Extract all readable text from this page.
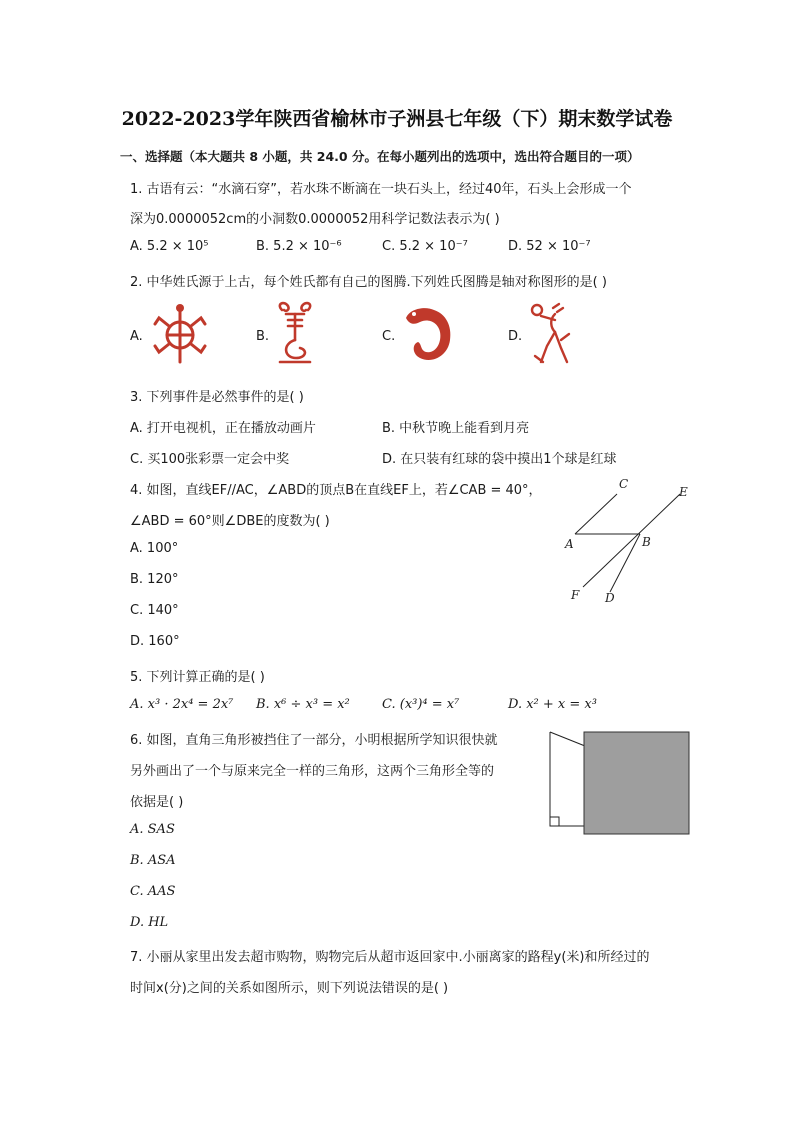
2022-2023学年陕西省榆林市子洲县七年级（下）期末数学试卷
一、选择题（本大题共 8 小题，共 24.0 分。在每小题列出的选项中，选出符合题目的一项）
1. 古语有云：“水滴石穿”，若水珠不断滴在一块石头上，经过40年，石头上会形成一个
深为0.0000052cm的小洞数0.0000052用科学记数法表示为( )
A. 5.2 × 10⁵	B. 5.2 × 10⁻⁶	C. 5.2 × 10⁻⁷	D. 52 × 10⁻⁷
2. 中华姓氏源于上古，每个姓氏都有自己的图腾.下列姓氏图腾是轴对称图形的是( )
A.	B.	C.	D.
3. 下列事件是必然事件的是( )
A. 打开电视机，正在播放动画片	B. 中秋节晚上能看到月亮
C. 买100张彩票一定会中奖	D. 在只装有红球的袋中摸出1个球是红球
4. 如图，直线EF//AC，∠ABD的顶点B在直线EF上，若∠CAB = 40°，
∠ABD = 60°则∠DBE的度数为( )
A. 100°
B. 120°
C. 140°
D. 160°
C
E
A	B
F D
5. 下列计算正确的是( )
A. x³ · 2x⁴ = 2x⁷ B. x⁶ ÷ x³ = x² C. (x³)⁴ = x⁷	D. x² + x = x³
6. 如图，直角三角形被挡住了一部分，小明根据所学知识很快就
另外画出了一个与原来完全一样的三角形，这两个三角形全等的
依据是( )
A. SAS
B. ASA
C. AAS
D. HL
7. 小丽从家里出发去超市购物，购物完后从超市返回家中.小丽离家的路程y(米)和所经过的
时间x(分)之间的关系如图所示，则下列说法错误的是( )
